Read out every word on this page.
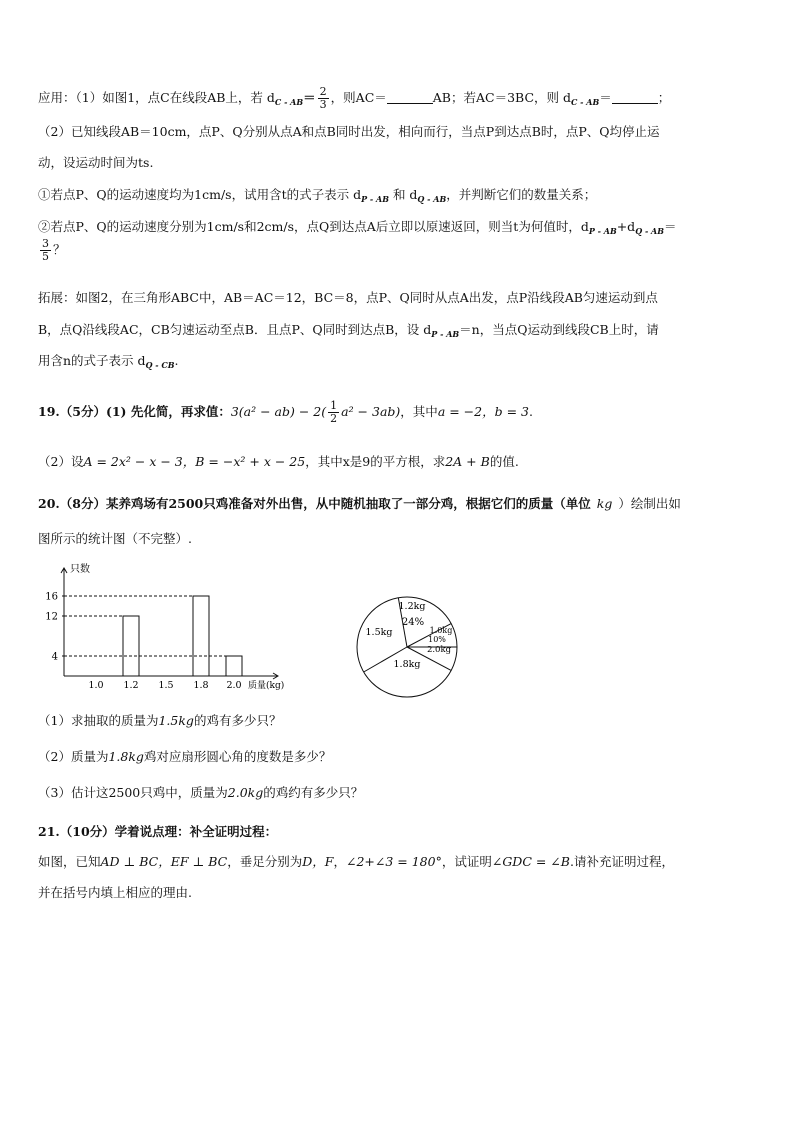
应用：（1）如图1，点C在线段AB上，若 $d_{C - AB}= \frac{2}{3}$ ，则AC＝	AB；若AC＝3BC，则 $d_{C - AB}=$	；
（2）已知线段AB＝10cm，点P、Q分别从点A和点B同时出发，相向而行，当点P到达点B时，点P、Q均停止运
动，设运动时间为ts.
①若点P、Q的运动速度均为1cm/s，试用含t的式子表示 $d_{P - AB}$ 和 $d_{Q - AB}$，并判断它们的数量关系；
②若点P、Q的运动速度分别为1cm/s和2cm/s，点Q到达点A后立即以原速返回，则当t为何值时，$d_{P - AB}+d_{Q - AB}=$
$\frac{3}{5}$ ？
拓展：如图2，在三角形ABC中，AB＝AC＝12，BC＝8，点P、Q同时从点A出发，点P沿线段AB匀速运动到点
B，点Q沿线段AC，CB匀速运动至点B．且点P、Q同时到达点B，设 $d_{P - AB}=n$，当点Q运动到线段CB上时，请
用含n的式子表示 $d_{Q - CB}$.
19.（5分）(1) 先化简，再求值：$3(a^2 - ab) - 2( \frac{1}{2} a^2 - 3ab)$，其中a = −2，b = 3.
（2）设A = 2x² − x − 3，B = −x² + x − 25，其中x是9的平方根，求2A + B的值.
20.（8分）某养鸡场有2500只鸡准备对外出售，从中随机抽取了一部分鸡，根据它们的质量（单位 kg ）绘制出如
图所示的统计图（不完整）.
只数
质量(kg)
4
12
16
1.0 1.2 1.5 1.8 2.0
1.2kg
1.0kg
2.0kg
1.8kg
1.5kg
24%
10%
（1）求抽取的质量为1.5kg的鸡有多少只？
（2）质量为1.8kg鸡对应扇形圆心角的度数是多少？
（3）估计这2500只鸡中，质量为2.0kg的鸡约有多少只？
21.（10分）学着说点理：补全证明过程：
如图，已知AD ⊥ BC，EF ⊥ BC，垂足分别为D，F，∠2+∠3 = 180°，试证明∠GDC = ∠B.请补充证明过程，
并在括号内填上相应的理由.
